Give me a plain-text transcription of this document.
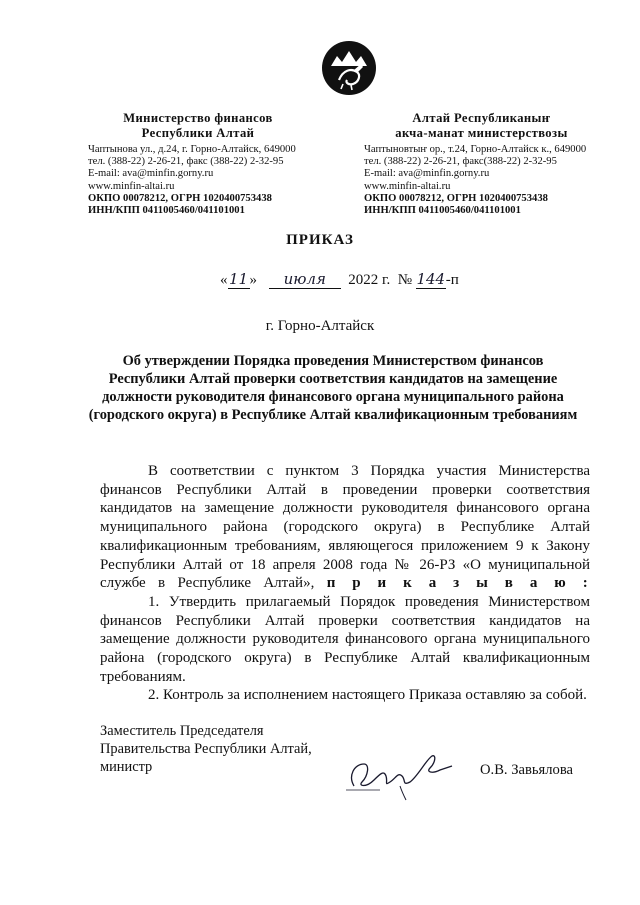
Министерство финансов
Республики Алтай
Чаптынова ул., д.24, г. Горно-Алтайск, 649000
тел. (388-22) 2-26-21, факс (388-22) 2-32-95
E-mail: ava@minfin.gorny.ru
www.minfin-altai.ru
ОКПО 00078212, ОГРН 1020400753438
ИНН/КПП 0411005460/041101001
Алтай Республиканыҥ
акча-манат министерствозы
Чаптыновтыҥ ор., т.24, Горно-Алтайск к., 649000
тел. (388-22) 2-26-21, факс(388-22) 2-32-95
E-mail: ava@minfin.gorny.ru
www.minfin-altai.ru
ОКПО 00078212, ОГРН 1020400753438
ИНН/КПП 0411005460/041101001
ПРИКАЗ
«11» июля 2022 г. № 144-п
г. Горно-Алтайск
Об утверждении Порядка проведения Министерством финансов Республики Алтай проверки соответствия кандидатов на замещение должности руководителя финансового органа муниципального района (городского округа) в Республике Алтай квалификационным требованиям

В соответствии с пунктом 3 Порядка участия Министерства финансов Республики Алтай в проведении проверки соответствия кандидатов на замещение должности руководителя финансового органа муниципального района (городского округа) в Республике Алтай квалификационным требованиям, являющегося приложением 9 к Закону Республики Алтай от 18 апреля 2008 года № 26-РЗ «О муниципальной службе в Республике Алтай», п р и к а з ы в а ю :

1. Утвердить прилагаемый Порядок проведения Министерством финансов Республики Алтай проверки соответствия кандидатов на замещение должности руководителя финансового органа муниципального района (городского округа) в Республике Алтай квалификационным требованиям.

2. Контроль за исполнением настоящего Приказа оставляю за собой.

Заместитель Председателя
Правительства Республики Алтай,
министр	О.В. Завьялова
